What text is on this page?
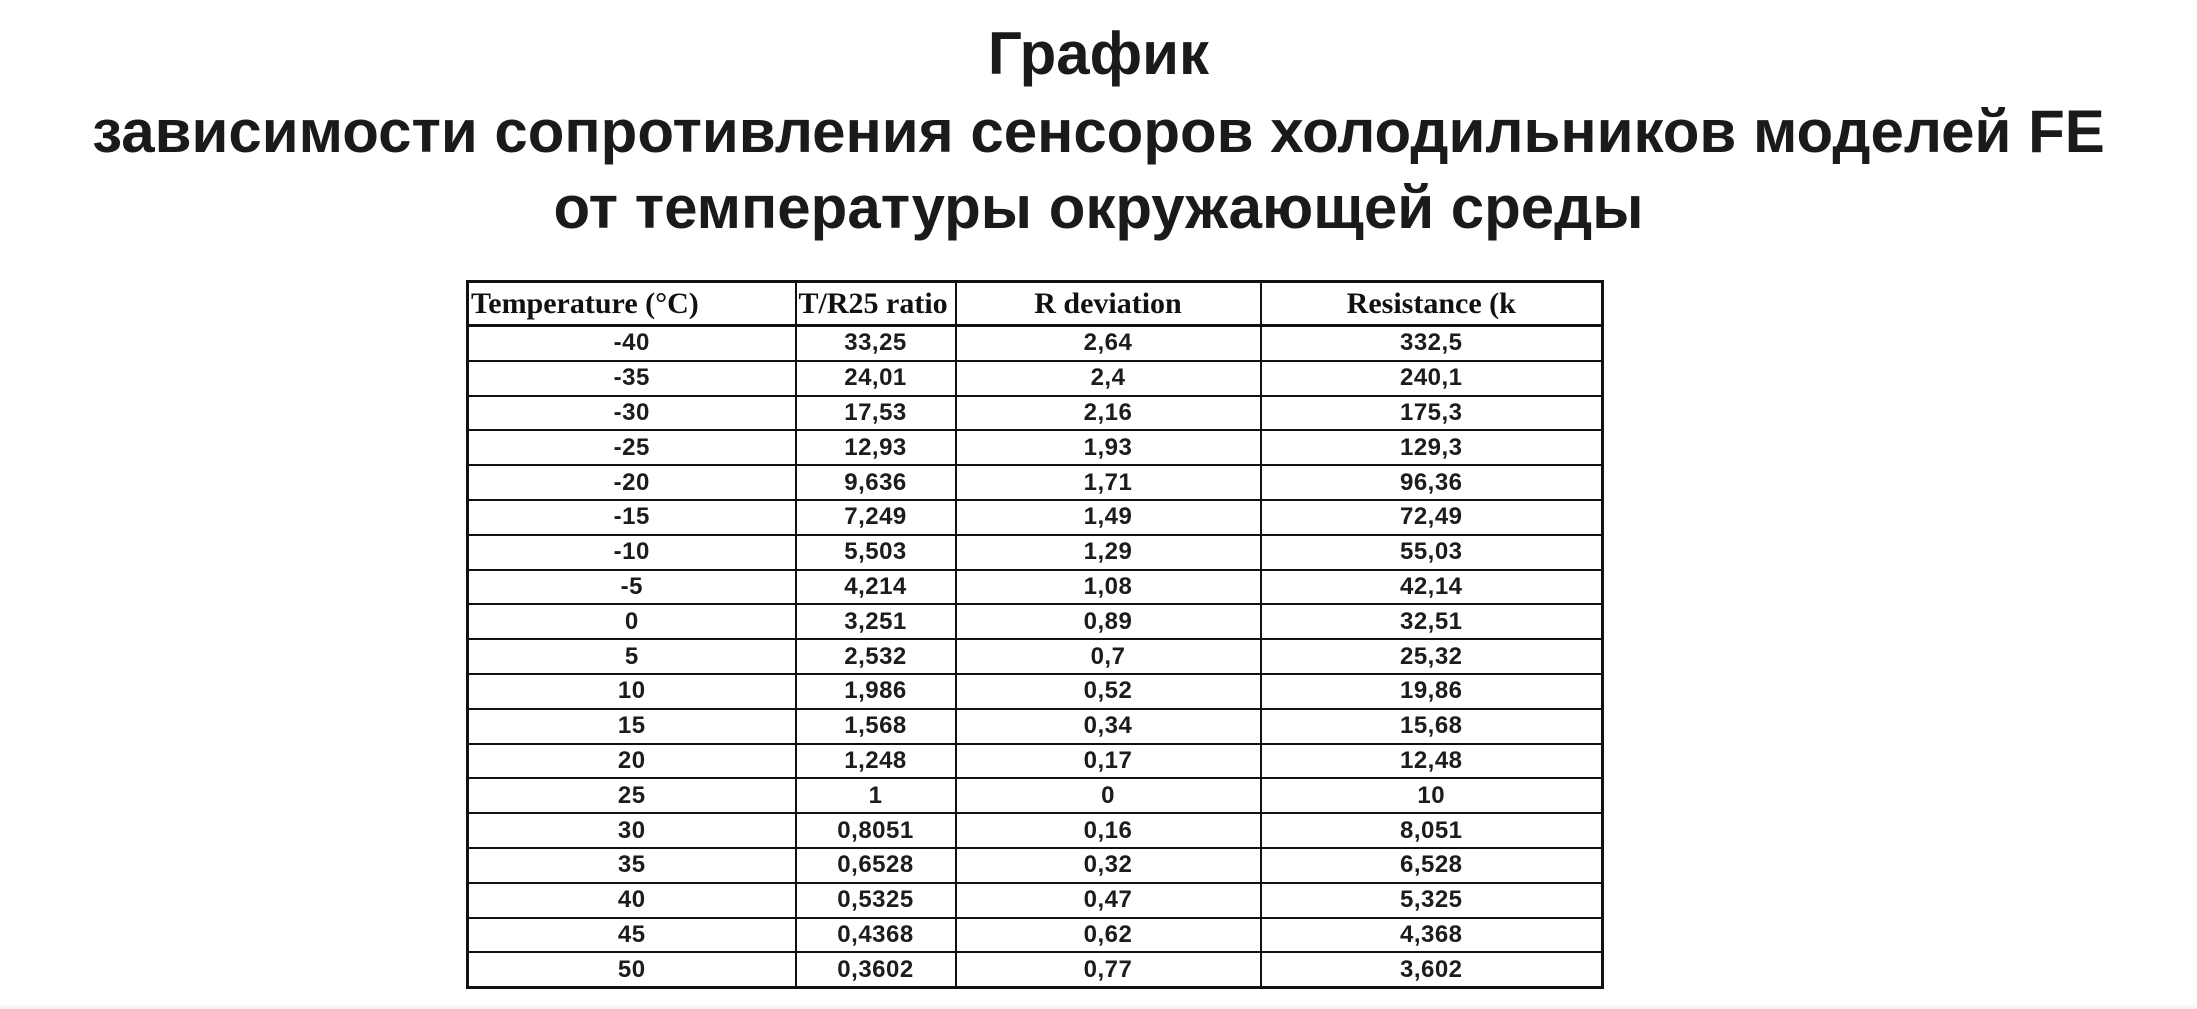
График
зависимости сопротивления сенсоров холодильников моделей FE
от температуры окружающей среды
Temperature (°C)	T/R25 ratio	R deviation	Resistance (k
-40	33,25	2,64	332,5
-35	24,01	2,4	240,1
-30	17,53	2,16	175,3
-25	12,93	1,93	129,3
-20	9,636	1,71	96,36
-15	7,249	1,49	72,49
-10	5,503	1,29	55,03
-5	4,214	1,08	42,14
0	3,251	0,89	32,51
5	2,532	0,7	25,32
10	1,986	0,52	19,86
15	1,568	0,34	15,68
20	1,248	0,17	12,48
25	1	0	10
30	0,8051	0,16	8,051
35	0,6528	0,32	6,528
40	0,5325	0,47	5,325
45	0,4368	0,62	4,368
50	0,3602	0,77	3,602
